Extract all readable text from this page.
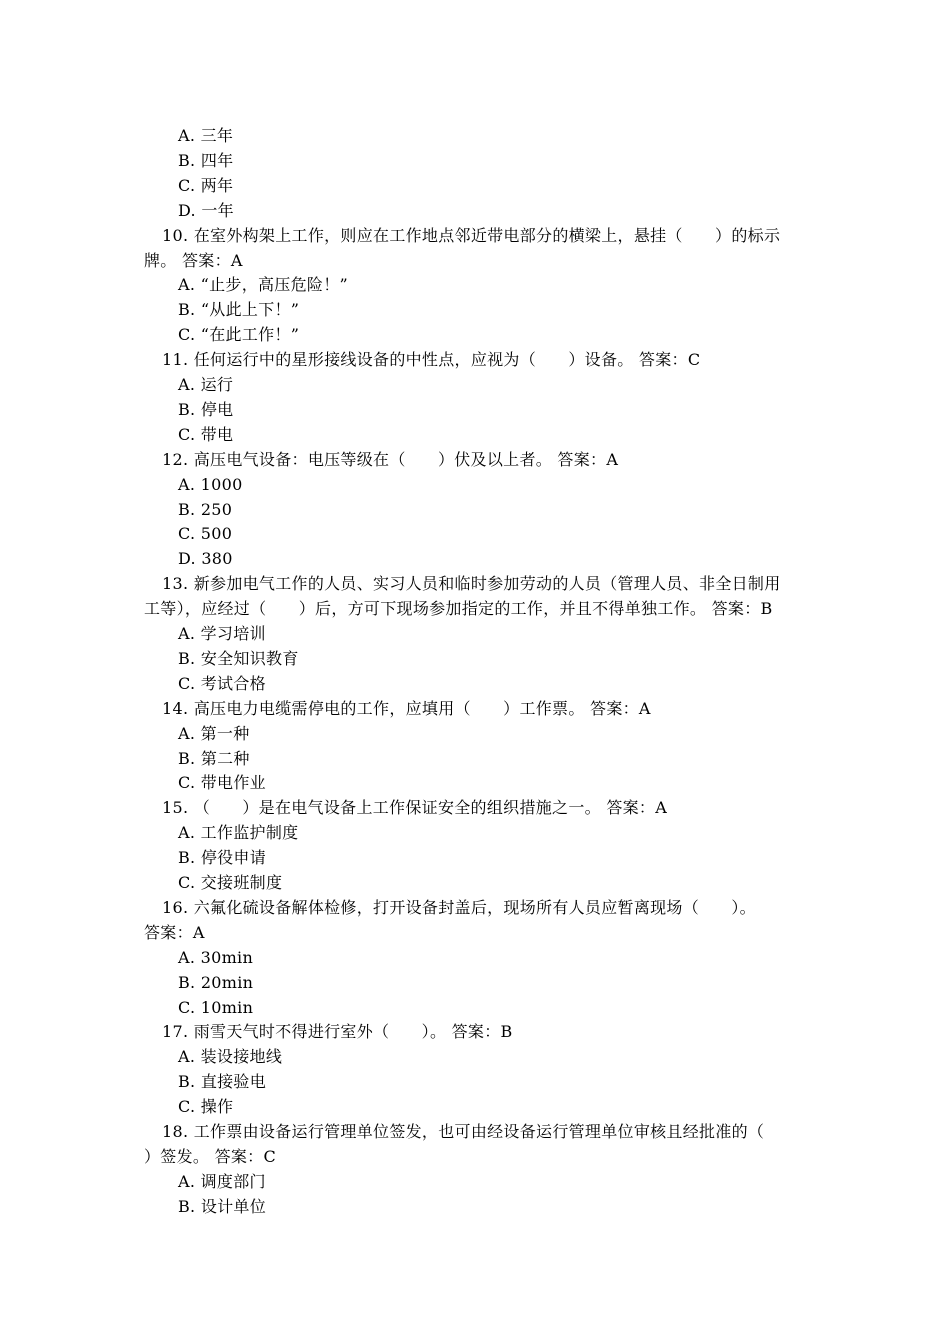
A. 三年
B. 四年
C. 两年
D. 一年
10. 在室外构架上工作，则应在工作地点邻近带电部分的横梁上，悬挂（      ）的标示
牌。 答案：A
A. “止步，高压危险！”
B. “从此上下！”
C. “在此工作！”
11. 任何运行中的星形接线设备的中性点，应视为（      ）设备。 答案：C
A. 运行
B. 停电
C. 带电
12. 高压电气设备：电压等级在（      ）伏及以上者。 答案：A
A. 1000
B. 250
C. 500
D. 380
13. 新参加电气工作的人员、实习人员和临时参加劳动的人员（管理人员、非全日制用
工等），应经过（      ）后，方可下现场参加指定的工作，并且不得单独工作。 答案：B
A. 学习培训
B. 安全知识教育
C. 考试合格
14. 高压电力电缆需停电的工作，应填用（      ）工作票。 答案：A
A. 第一种
B. 第二种
C. 带电作业
15. （      ）是在电气设备上工作保证安全的组织措施之一。 答案：A
A. 工作监护制度
B. 停役申请
C. 交接班制度
16. 六氟化硫设备解体检修，打开设备封盖后，现场所有人员应暂离现场（      ）。
答案：A
A. 30min
B. 20min
C. 10min
17. 雨雪天气时不得进行室外（      ）。 答案：B
A. 装设接地线
B. 直接验电
C. 操作
18. 工作票由设备运行管理单位签发，也可由经设备运行管理单位审核且经批准的（
）签发。 答案：C
A. 调度部门
B. 设计单位
